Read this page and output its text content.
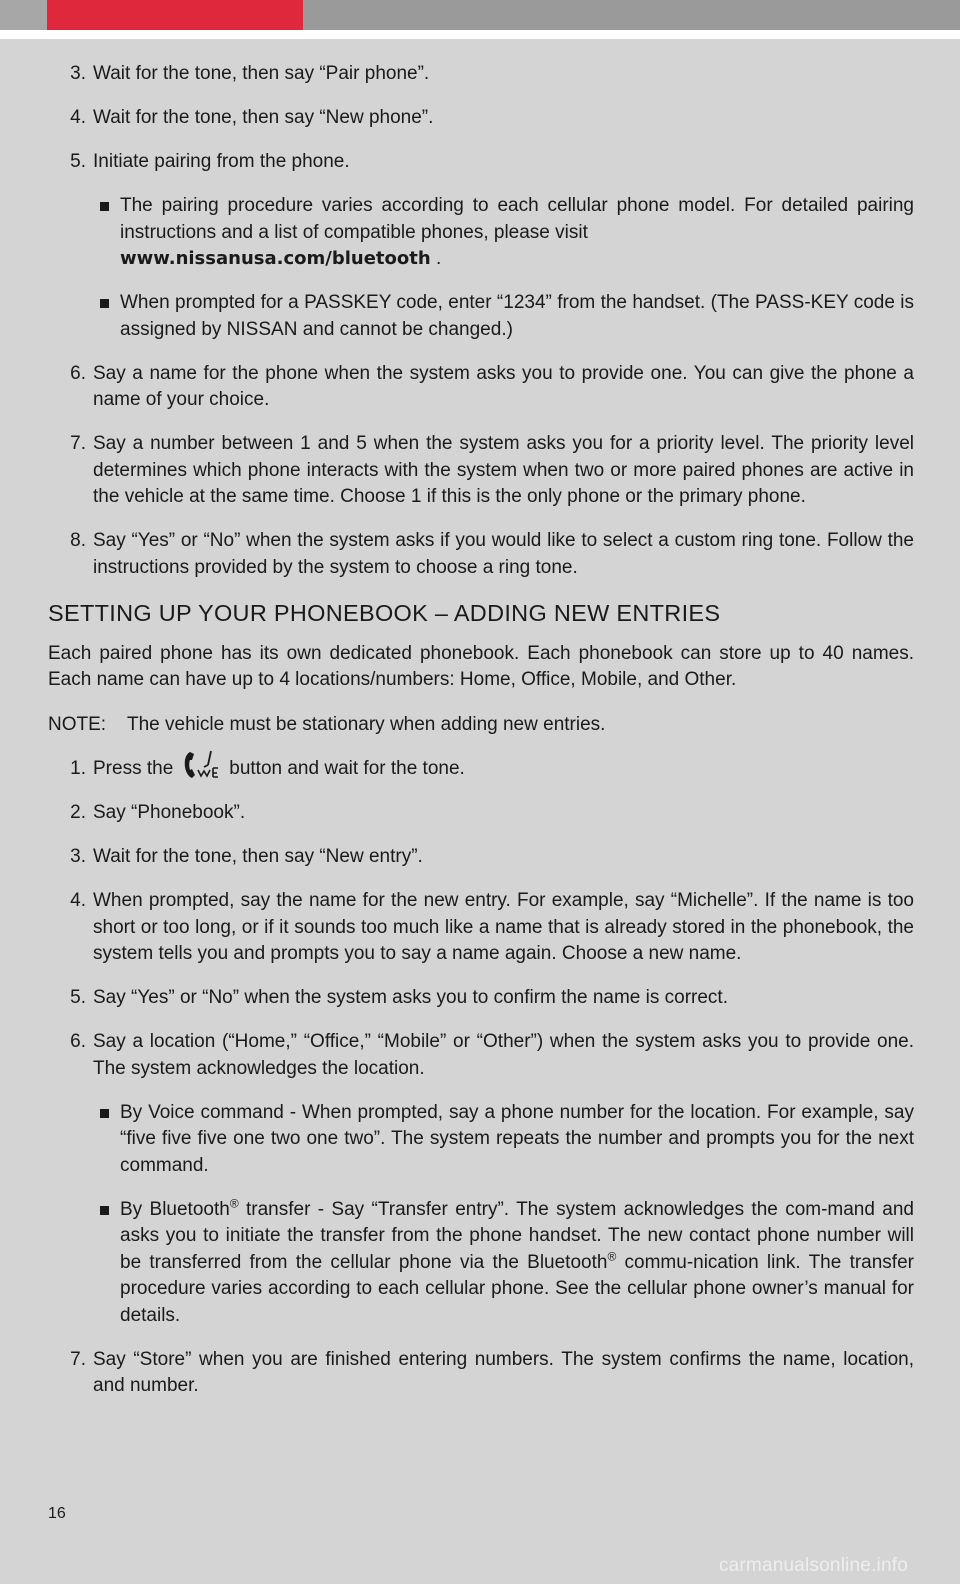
3. Wait for the tone, then say “Pair phone”.
4. Wait for the tone, then say “New phone”.
5. Initiate pairing from the phone.
The pairing procedure varies according to each cellular phone model. For detailed pairing instructions and a list of compatible phones, please visit
www.nissanusa.com/bluetooth .
When prompted for a PASSKEY code, enter “1234” from the handset. (The PASS-KEY code is assigned by NISSAN and cannot be changed.)
6. Say a name for the phone when the system asks you to provide one. You can give the phone a name of your choice.
7. Say a number between 1 and 5 when the system asks you for a priority level. The priority level determines which phone interacts with the system when two or more paired phones are active in the vehicle at the same time. Choose 1 if this is the only phone or the primary phone.
8. Say “Yes” or “No” when the system asks if you would like to select a custom ring tone. Follow the instructions provided by the system to choose a ring tone.
SETTING UP YOUR PHONEBOOK – ADDING NEW ENTRIES
Each paired phone has its own dedicated phonebook. Each phonebook can store up to 40 names. Each name can have up to 4 locations/numbers: Home, Office, Mobile, and Other.
NOTE: The vehicle must be stationary when adding new entries.
1. Press the	button and wait for the tone.
2. Say “Phonebook”.
3. Wait for the tone, then say “New entry”.
4. When prompted, say the name for the new entry. For example, say “Michelle”. If the name is too short or too long, or if it sounds too much like a name that is already stored in the phonebook, the system tells you and prompts you to say a name again. Choose a new name.
5. Say “Yes” or “No” when the system asks you to confirm the name is correct.
6. Say a location (“Home,” “Office,” “Mobile” or “Other”) when the system asks you to provide one. The system acknowledges the location.
By Voice command - When prompted, say a phone number for the location. For example, say “five five five one two one two”. The system repeats the number and prompts you for the next command.
By Bluetooth® transfer - Say “Transfer entry”. The system acknowledges the com-mand and asks you to initiate the transfer from the phone handset. The new contact phone number will be transferred from the cellular phone via the Bluetooth® commu-nication link. The transfer procedure varies according to each cellular phone. See the cellular phone owner’s manual for details.
7. Say “Store” when you are finished entering numbers. The system confirms the name, location, and number.
16
carmanualsonline.info
